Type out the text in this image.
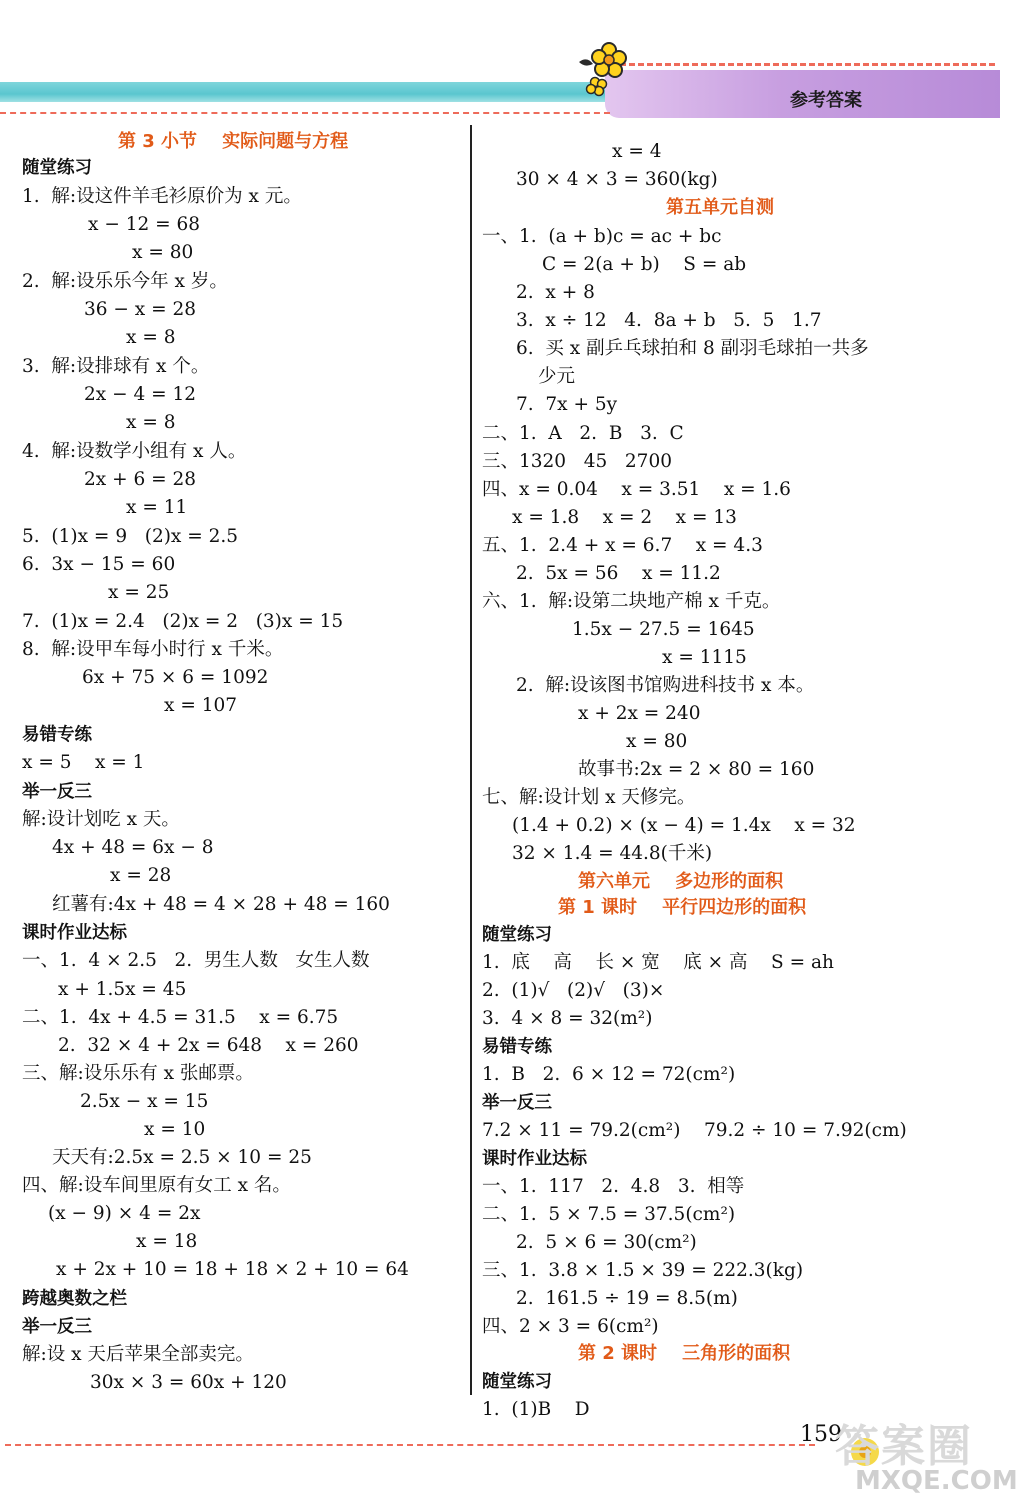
参考答案
第 3 小节    实际问题与方程
随堂练习
1.  解:设这件羊毛衫原价为 x 元。
x − 12 = 68
x = 80
2.  解:设乐乐今年 x 岁。
36 − x = 28
x = 8
3.  解:设排球有 x 个。
2x − 4 = 12
x = 8
4.  解:设数学小组有 x 人。
2x + 6 = 28
x = 11
5.  (1)x = 9   (2)x = 2.5
6.  3x − 15 = 60
x = 25
7.  (1)x = 2.4   (2)x = 2   (3)x = 15
8.  解:设甲车每小时行 x 千米。
6x + 75 × 6 = 1092
x = 107
易错专练
x = 5    x = 1
举一反三
解:设计划吃 x 天。
4x + 48 = 6x − 8
x = 28
红薯有:4x + 48 = 4 × 28 + 48 = 160
课时作业达标
一、1.  4 × 2.5   2.  男生人数   女生人数
x + 1.5x = 45
二、1.  4x + 4.5 = 31.5    x = 6.75
2.  32 × 4 + 2x = 648    x = 260
三、解:设乐乐有 x 张邮票。
2.5x − x = 15
x = 10
天天有:2.5x = 2.5 × 10 = 25
四、解:设车间里原有女工 x 名。
(x − 9) × 4 = 2x
x = 18
x + 2x + 10 = 18 + 18 × 2 + 10 = 64
跨越奥数之栏
举一反三
解:设 x 天后苹果全部卖完。
30x × 3 = 60x + 120
x = 4
30 × 4 × 3 = 360(kg)
第五单元自测
一、1.  (a + b)c = ac + bc
C = 2(a + b)    S = ab
2.  x + 8
3.  x ÷ 12   4.  8a + b   5.  5   1.7
6.  买 x 副乒乓球拍和 8 副羽毛球拍一共多
少元
7.  7x + 5y
二、1.  A   2.  B   3.  C
三、1320   45   2700
四、x = 0.04    x = 3.51    x = 1.6
x = 1.8    x = 2    x = 13
五、1.  2.4 + x = 6.7    x = 4.3
2.  5x = 56    x = 11.2
六、1.  解:设第二块地产棉 x 千克。
1.5x − 27.5 = 1645
x = 1115
2.  解:设该图书馆购进科技书 x 本。
x + 2x = 240
x = 80
故事书:2x = 2 × 80 = 160
七、解:设计划 x 天修完。
(1.4 + 0.2) × (x − 4) = 1.4x    x = 32
32 × 1.4 = 44.8(千米)
第六单元    多边形的面积
第 1 课时    平行四边形的面积
随堂练习
1.  底    高    长 × 宽    底 × 高    S = ah
2.  (1)√   (2)√   (3)×
3.  4 × 8 = 32(m²)
易错专练
1.  B   2.  6 × 12 = 72(cm²)
举一反三
7.2 × 11 = 79.2(cm²)    79.2 ÷ 10 = 7.92(cm)
课时作业达标
一、1.  117   2.  4.8   3.  相等
二、1.  5 × 7.5 = 37.5(cm²)
2.  5 × 6 = 30(cm²)
三、1.  3.8 × 1.5 × 39 = 222.3(kg)
2.  161.5 ÷ 19 = 8.5(m)
四、2 × 3 = 6(cm²)
第 2 课时    三角形的面积
随堂练习
1.  (1)B    D
159
答案圈
MXQE.COM
